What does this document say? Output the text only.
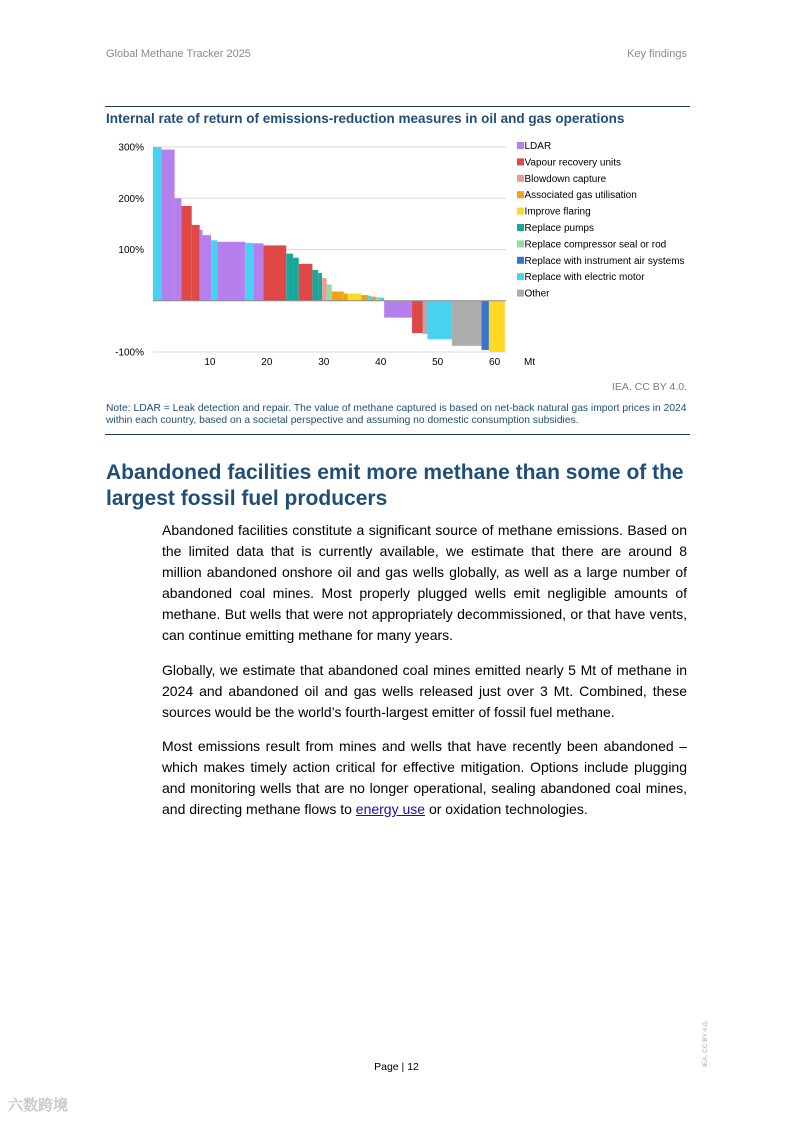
Global Methane Tracker 2025	Key findings
Internal rate of return of emissions-reduction measures in oil and gas operations
300%
200%
100%
-100%
10	20	30	40	50	60 Mt
LDAR
Vapour recovery units
Blowdown capture
Associated gas utilisation
Improve flaring
Replace pumps
Replace compressor seal or rod
Replace with instrument air systems
Replace with electric motor
Other
IEA. CC BY 4.0.
Note: LDAR = Leak detection and repair. The value of methane captured is based on net-back natural gas import prices in 2024 within each country, based on a societal perspective and assuming no domestic consumption subsidies.
Abandoned facilities emit more methane than some of the largest fossil fuel producers

Abandoned facilities constitute a significant source of methane emissions. Based on the limited data that is currently available, we estimate that there are around 8 million abandoned onshore oil and gas wells globally, as well as a large number of abandoned coal mines. Most properly plugged wells emit negligible amounts of methane. But wells that were not appropriately decommissioned, or that have vents, can continue emitting methane for many years.

Globally, we estimate that abandoned coal mines emitted nearly 5 Mt of methane in 2024 and abandoned oil and gas wells released just over 3 Mt. Combined, these sources would be the world’s fourth-largest emitter of fossil fuel methane.

Most emissions result from mines and wells that have recently been abandoned – which makes timely action critical for effective mitigation. Options include plugging and monitoring wells that are no longer operational, sealing abandoned coal mines, and directing methane flows to energy use or oxidation technologies.

Page | 12	IEA. CC BY 4.0.
六数跨境
